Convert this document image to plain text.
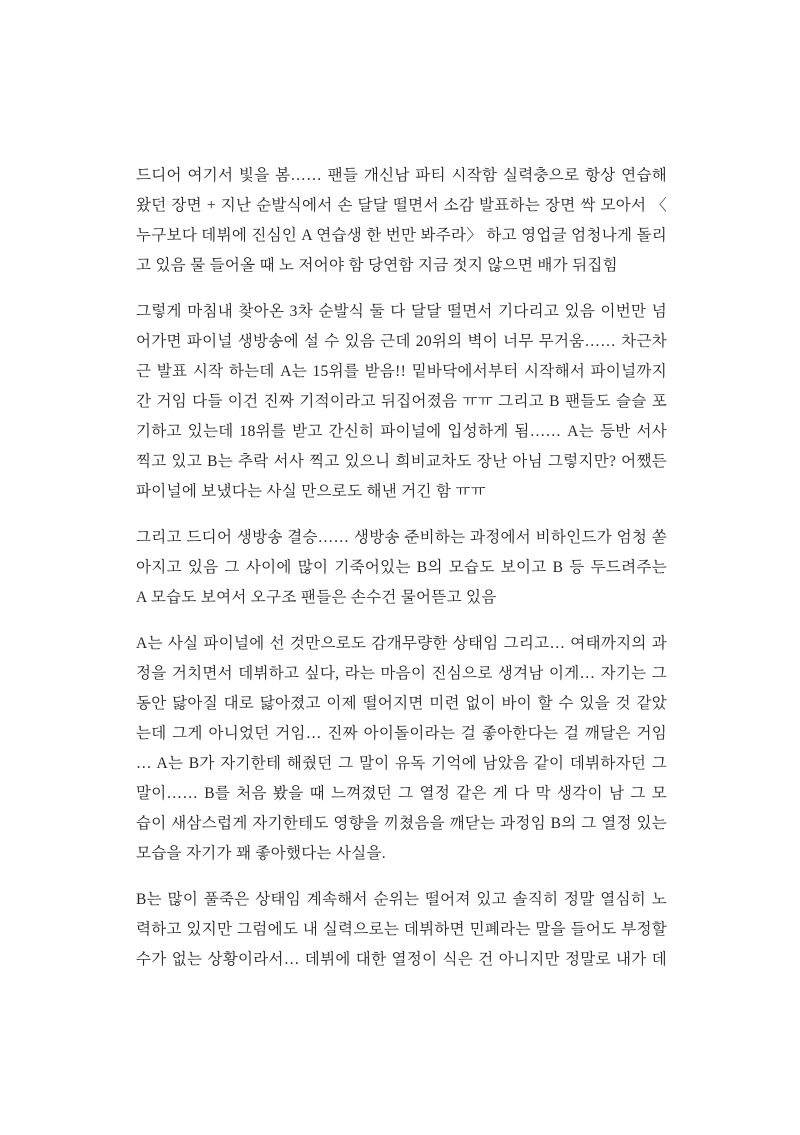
드디어 여기서 빛을 봄…… 팬들 개신남 파티 시작함 실력충으로 항상 연습해
왔던 장면 + 지난 순발식에서 손 달달 떨면서 소감 발표하는 장면 싹 모아서 〈
누구보다 데뷔에 진심인 A 연습생 한 번만 봐주라〉 하고 영업글 엄청나게 돌리
고 있음 물 들어올 때 노 저어야 함 당연함 지금 젓지 않으면 배가 뒤집힘

그렇게 마침내 찾아온 3차 순발식 둘 다 달달 떨면서 기다리고 있음 이번만 넘
어가면 파이널 생방송에 설 수 있음 근데 20위의 벽이 너무 무거움…… 차근차
근 발표 시작 하는데 A는 15위를 받음!! 밑바닥에서부터 시작해서 파이널까지
간 거임 다들 이건 진짜 기적이라고 뒤집어졌음 ㅠㅠ 그리고 B 팬들도 슬슬 포
기하고 있는데 18위를 받고 간신히 파이널에 입성하게 됨…… A는 등반 서사
찍고 있고 B는 추락 서사 찍고 있으니 희비교차도 장난 아님 그렇지만? 어쨌든
파이널에 보냈다는 사실 만으로도 해낸 거긴 함 ㅠㅠ

그리고 드디어 생방송 결승…… 생방송 준비하는 과정에서 비하인드가 엄청 쏟
아지고 있음 그 사이에 많이 기죽어있는 B의 모습도 보이고 B 등 두드려주는
A 모습도 보여서 오구조 팬들은 손수건 물어뜯고 있음

A는 사실 파이널에 선 것만으로도 감개무량한 상태임 그리고… 여태까지의 과
정을 거치면서 데뷔하고 싶다, 라는 마음이 진심으로 생겨남 이게… 자기는 그
동안 닳아질 대로 닳아졌고 이제 떨어지면 미련 없이 바이 할 수 있을 것 같았
는데 그게 아니었던 거임… 진짜 아이돌이라는 걸 좋아한다는 걸 깨달은 거임
… A는 B가 자기한테 해줬던 그 말이 유독 기억에 남았음 같이 데뷔하자던 그
말이…… B를 처음 봤을 때 느껴졌던 그 열정 같은 게 다 막 생각이 남 그 모
습이 새삼스럽게 자기한테도 영향을 끼쳤음을 깨닫는 과정임 B의 그 열정 있는
모습을 자기가 꽤 좋아했다는 사실을.

B는 많이 풀죽은 상태임 계속해서 순위는 떨어져 있고 솔직히 정말 열심히 노
력하고 있지만 그럼에도 내 실력으로는 데뷔하면 민폐라는 말을 들어도 부정할
수가 없는 상황이라서… 데뷔에 대한 열정이 식은 건 아니지만 정말로 내가 데
